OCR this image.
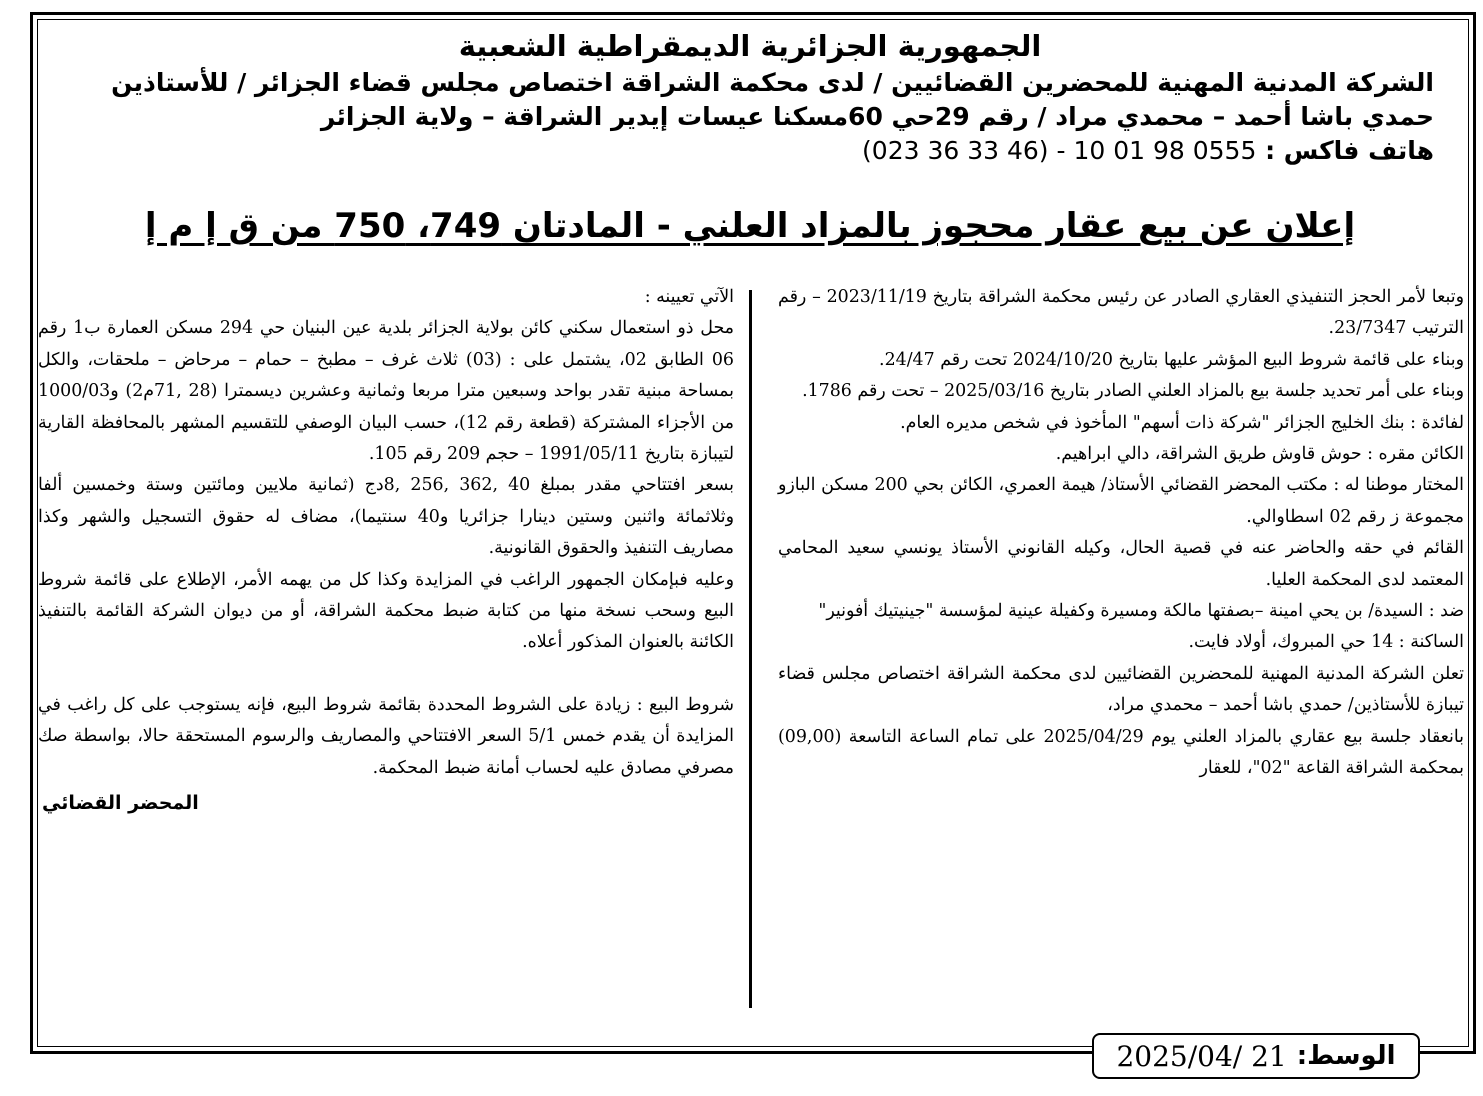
الجمهورية الجزائرية الديمقراطية الشعبية
الشركة المدنية المهنية للمحضرين القضائيين / لدى محكمة الشراقة اختصاص مجلس قضاء الجزائر / للأستاذين
حمدي باشا أحمد – محمدي مراد / رقم 29حي 60مسكنا عيسات إيدير الشراقة – ولاية الجزائر
هاتف فاكس : (023 36 33 46) - 10 01 98 0555
إعلان عن بيع عقار محجوز بالمزاد العلني - المادتان 749، 750 من ق إ م إ

وتبعا لأمر الحجز التنفيذي العقاري الصادر عن رئيس محكمة الشراقة بتاريخ 2023/11/19 – رقم الترتيب 23/7347.

وبناء على قائمة شروط البيع المؤشر عليها بتاريخ 2024/10/20 تحت رقم 24/47.

وبناء على أمر تحديد جلسة بيع بالمزاد العلني الصادر بتاريخ 2025/03/16 – تحت رقم 1786.

لفائدة : بنك الخليج الجزائر "شركة ذات أسهم" المأخوذ في شخص مديره العام.

الكائن مقره : حوش قاوش طريق الشراقة، دالي ابراهيم.

المختار موطنا له : مكتب المحضر القضائي الأستاذ/ هيمة العمري، الكائن بحي 200 مسكن البازو مجموعة ز رقم 02 اسطاوالي.

القائم في حقه والحاضر عنه في قصية الحال، وكيله القانوني الأستاذ يونسي سعيد المحامي المعتمد لدى المحكمة العليا.

ضد : السيدة/ بن يحي امينة –بصفتها مالكة ومسيرة وكفيلة عينية لمؤسسة "جينيتيك أفونير"

الساكنة : 14 حي المبروك، أولاد فايت.

تعلن الشركة المدنية المهنية للمحضرين القضائيين لدى محكمة الشراقة اختصاص مجلس قضاء تيبازة للأستاذين/ حمدي باشا أحمد – محمدي مراد،

بانعقاد جلسة بيع عقاري بالمزاد العلني يوم 2025/04/29 على تمام الساعة التاسعة (09,00) بمحكمة الشراقة القاعة "02"، للعقار

الآتي تعيينه :

محل ذو استعمال سكني كائن بولاية الجزائر بلدية عين البنيان حي 294 مسكن العمارة ب1 رقم 06 الطابق 02، يشتمل على : (03) ثلاث غرف – مطبخ – حمام – مرحاض – ملحقات، والكل بمساحة مبنية تقدر بواحد وسبعين مترا مربعا وثمانية وعشرين ديسمترا (28 ,71م2) و1000/03 من الأجزاء المشتركة (قطعة رقم 12)، حسب البيان الوصفي للتقسيم المشهر بالمحافظة القارية لتيبازة بتاريخ 1991/05/11 – حجم 209 رقم 105.

بسعر افتتاحي مقدر بمبلغ 40 ,362 ,256 ,8دج (ثمانية ملايين ومائتين وستة وخمسين ألفا وثلاثمائة واثنين وستين دينارا جزائريا و40 سنتيما)، مضاف له حقوق التسجيل والشهر وكذا مصاريف التنفيذ والحقوق القانونية.

وعليه فبإمكان الجمهور الراغب في المزايدة وكذا كل من يهمه الأمر، الإطلاع على قائمة شروط البيع وسحب نسخة منها من كتابة ضبط محكمة الشراقة، أو من ديوان الشركة القائمة بالتنفيذ الكائنة بالعنوان المذكور أعلاه.

شروط البيع : زيادة على الشروط المحددة بقائمة شروط البيع، فإنه يستوجب على كل راغب في المزايدة أن يقدم خمس 5/1 السعر الافتتاحي والمصاريف والرسوم المستحقة حالا، بواسطة صك مصرفي مصادق عليه لحساب أمانة ضبط المحكمة.

المحضر القضائي
2025/04/ 21 الوسط:
